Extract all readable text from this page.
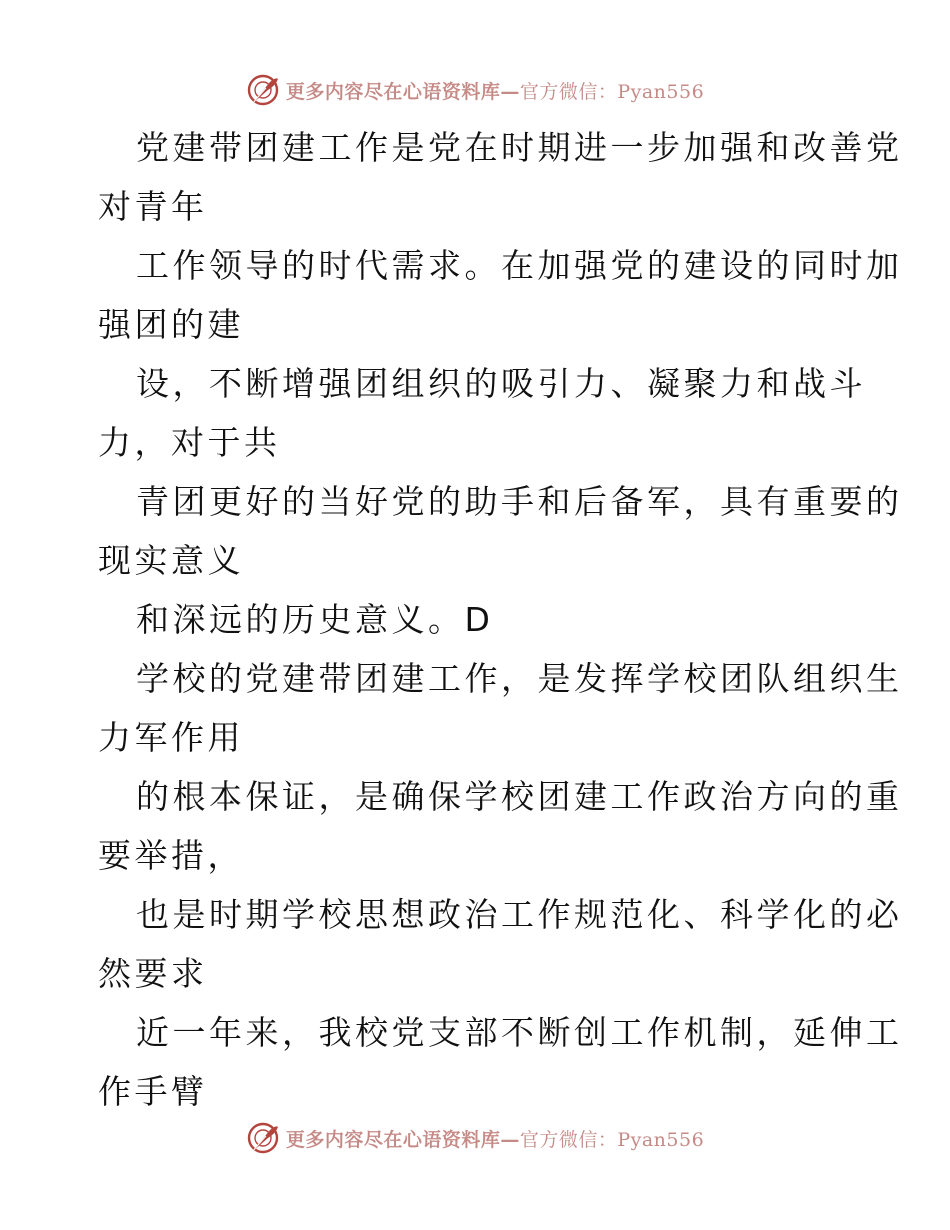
更多内容尽在心语资料库—官方微信：Pyan556
党建带团建工作是党在时期进一步加强和改善党
对青年
工作领导的时代需求。在加强党的建设的同时加
强团的建
设，不断增强团组织的吸引力、凝聚力和战斗
力，对于共
青团更好的当好党的助手和后备军，具有重要的
现实意义
和深远的历史意义。D
学校的党建带团建工作，是发挥学校团队组织生
力军作用
的根本保证，是确保学校团建工作政治方向的重
要举措，
也是时期学校思想政治工作规范化、科学化的必
然要求
近一年来，我校党支部不断创工作机制，延伸工
作手臂
更多内容尽在心语资料库—官方微信：Pyan556
